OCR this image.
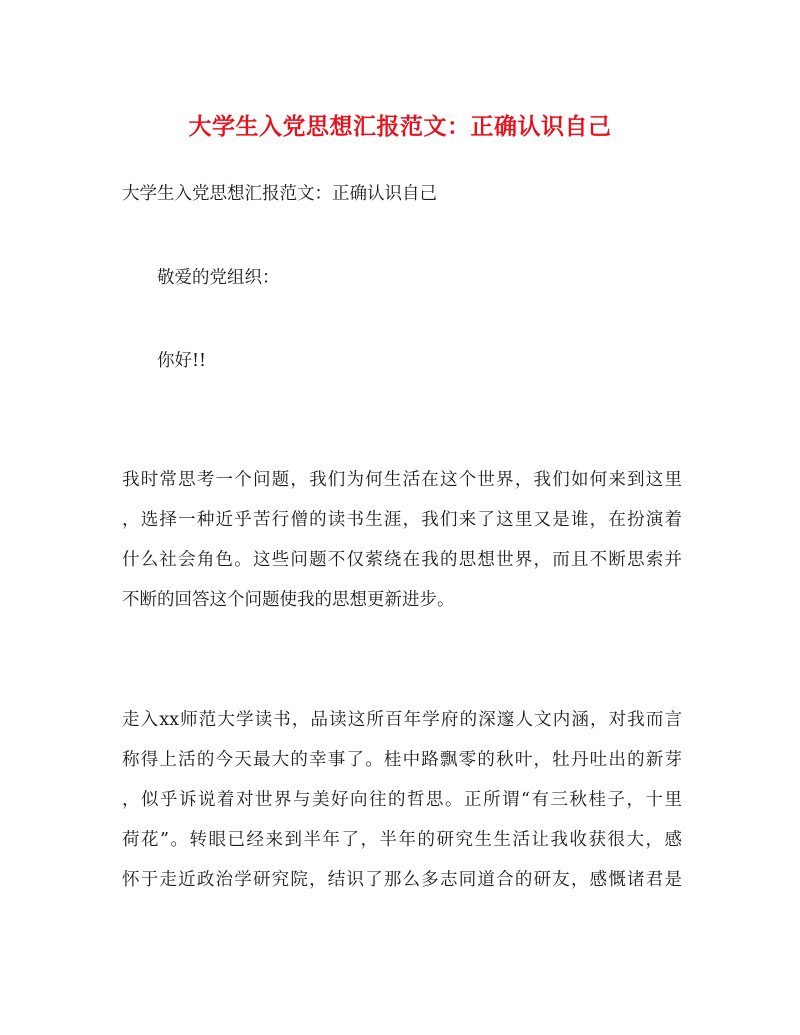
大学生入党思想汇报范文：正确认识自己
大学生入党思想汇报范文：正确认识自己
敬爱的党组织：
你好!!
我时常思考一个问题，我们为何生活在这个世界，我们如何来到这里
，选择一种近乎苦行僧的读书生涯，我们来了这里又是谁，在扮演着
什么社会角色。这些问题不仅萦绕在我的思想世界，而且不断思索并
不断的回答这个问题使我的思想更新进步。
走入xx师范大学读书，品读这所百年学府的深邃人文内涵，对我而言
称得上活的今天最大的幸事了。桂中路飘零的秋叶，牡丹吐出的新芽
，似乎诉说着对世界与美好向往的哲思。正所谓“有三秋桂子，十里
荷花”。转眼已经来到半年了，半年的研究生生活让我收获很大，感
怀于走近政治学研究院，结识了那么多志同道合的研友，感慨诸君是
